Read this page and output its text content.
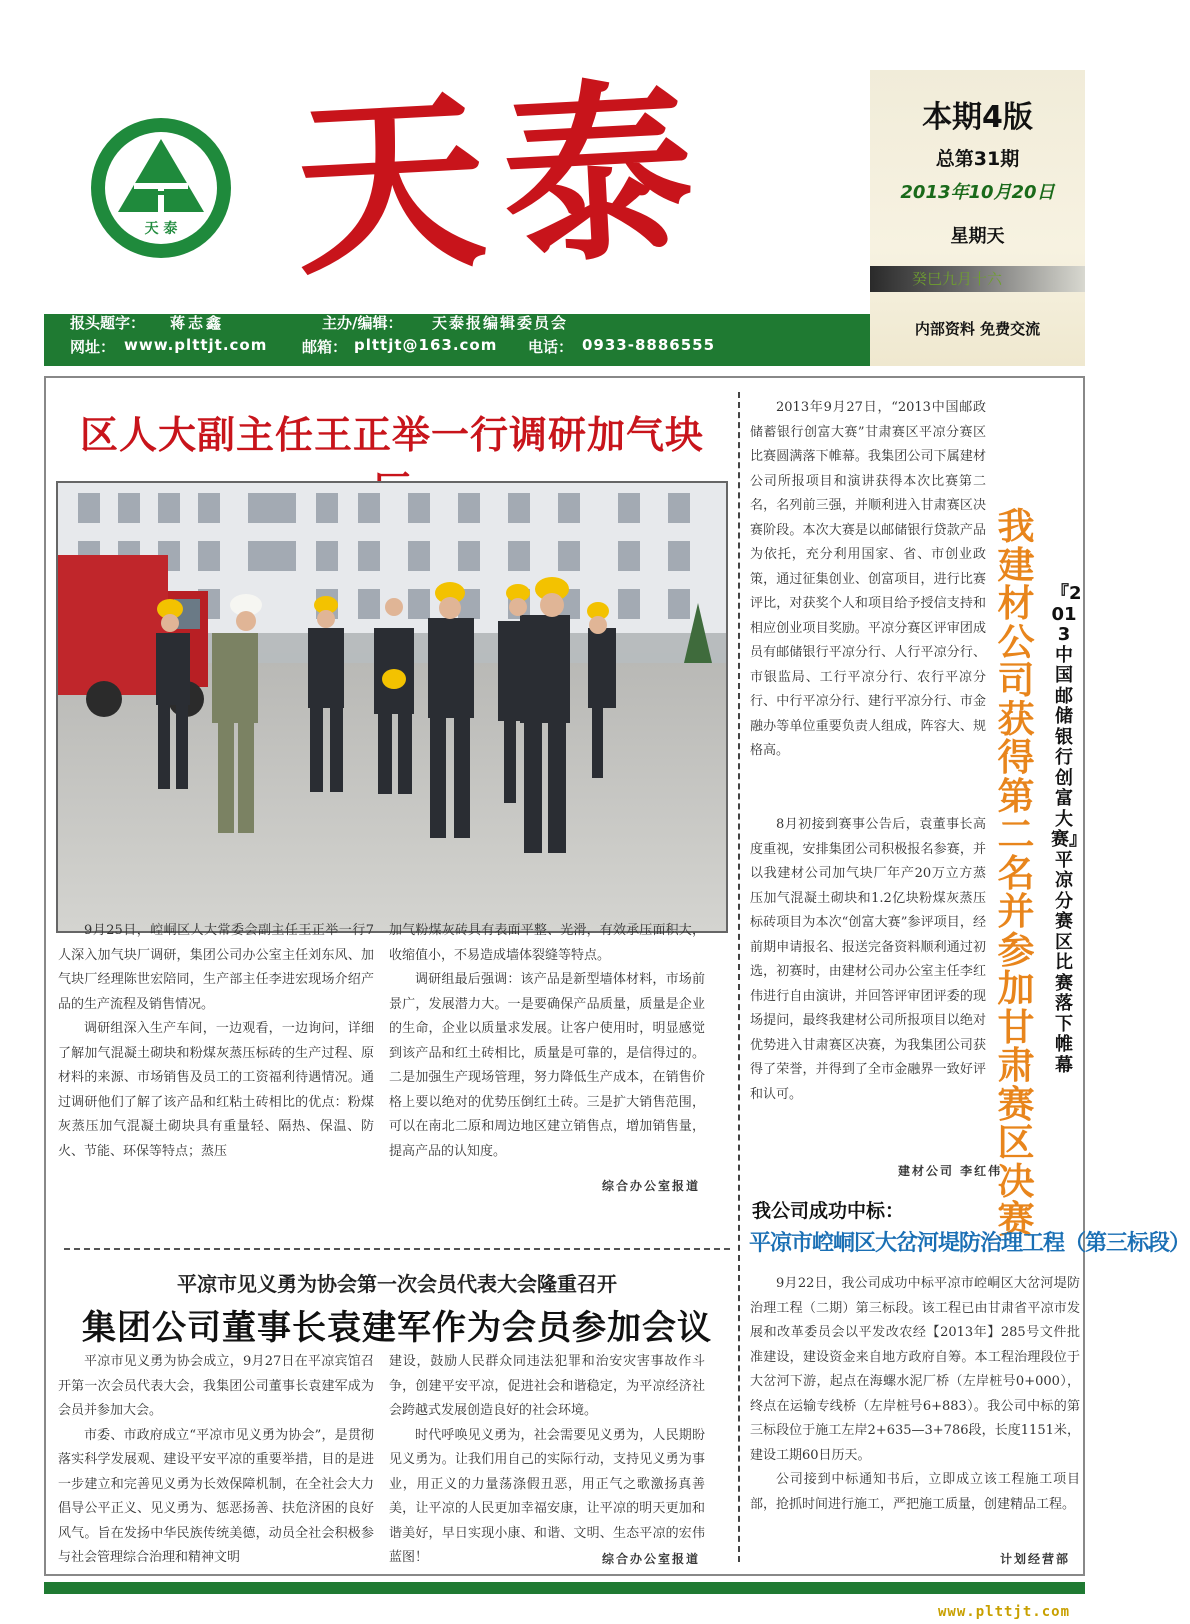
天 泰 天泰	本期4版
总第31期
2013年10月20日
星期天
癸巳九月十六
内部资料 免费交流
报头题字： 蒋志鑫	主办/编辑： 天泰报编辑委员会
网址： www.plttjt.com 邮箱： plttjt@163.com 电话： 0933-8886555
区人大副主任王正举一行调研加气块

9月25日，崆峒区人大常委会副主任王正举一行7人深入加气块厂调研，集团公司办公室主任刘东风、加气块厂经理陈世宏陪同，生产部主任李进宏现场介绍产品的生产流程及销售情况。

调研组深入生产车间，一边观看，一边询问，详细了解加气混凝土砌块和粉煤灰蒸压标砖的生产过程、原材料的来源、市场销售及员工的工资福利待遇情况。通过调研他们了解了该产品和红粘土砖相比的优点：粉煤灰蒸压加气混凝土砌块具有重量轻、隔热、保温、防火、节能、环保等特点；蒸压

加气粉煤灰砖具有表面平整、光滑，有效承压面积大，收缩值小，不易造成墙体裂缝等特点。

调研组最后强调：该产品是新型墙体材料，市场前景广，发展潜力大。一是要确保产品质量，质量是企业的生命，企业以质量求发展。让客户使用时，明显感觉到该产品和红土砖相比，质量是可靠的，是信得过的。二是加强生产现场管理，努力降低生产成本，在销售价格上要以绝对的优势压倒红土砖。三是扩大销售范围，可以在南北二原和周边地区建立销售点，增加销售量，提高产品的认知度。

综合办公室报道
平凉市见义勇为协会第一次会员代表大会隆重召开
集团公司董事长袁建军作为会员参加会议

平凉市见义勇为协会成立，9月27日在平凉宾馆召开第一次会员代表大会，我集团公司董事长袁建军成为会员并参加大会。

市委、市政府成立“平凉市见义勇为协会”，是贯彻落实科学发展观、建设平安平凉的重要举措，目的是进一步建立和完善见义勇为长效保障机制，在全社会大力倡导公平正义、见义勇为、惩恶扬善、扶危济困的良好风气。旨在发扬中华民族传统美德，动员全社会积极参与社会管理综合治理和精神文明

建设，鼓励人民群众同违法犯罪和治安灾害事故作斗争，创建平安平凉，促进社会和谐稳定，为平凉经济社会跨越式发展创造良好的社会环境。

时代呼唤见义勇为，社会需要见义勇为，人民期盼见义勇为。让我们用自己的实际行动，支持见义勇为事业，用正义的力量荡涤假丑恶，用正气之歌激扬真善美，让平凉的人民更加幸福安康，让平凉的明天更加和谐美好，早日实现小康、和谐、文明、生态平凉的宏伟蓝图！	综合办公室报道

2013年9月27日，“2013中国邮政储蓄银行创富大赛”甘肃赛区平凉分赛区比赛圆满落下帷幕。我集团公司下属建材公司所报项目和演讲获得本次比赛第二名，名列前三强，并顺利进入甘肃赛区决赛阶段。本次大赛是以邮储银行贷款产品为依托，充分利用国家、省、市创业政策，通过征集创业、创富项目，进行比赛评比，对获奖个人和项目给予授信支持和相应创业项目奖励。平凉分赛区评审团成员有邮储银行平凉分行、人行平凉分行、市银监局、工行平凉分行、农行平凉分行、中行平凉分行、建行平凉分行、市金融办等单位重要负责人组成，阵容大、规格高。

8月初接到赛事公告后，袁董事长高度重视，安排集团公司积极报名参赛，并以我建材公司加气块厂年产20万立方蒸压加气混凝土砌块和1.2亿块粉煤灰蒸压标砖项目为本次“创富大赛”参评项目，经前期申请报名、报送完备资料顺利通过初选，初赛时，由建材公司办公室主任李红伟进行自由演讲，并回答评审团评委的现场提问，最终我建材公司所报项目以绝对优势进入甘肃赛区决赛，为我集团公司获得了荣誉，并得到了全市金融界一致好评和认可。

我建材公司获得第二名并参加甘肃赛区决赛
『2013中国邮储银行创富大赛』平凉分赛区比赛落下帷幕
建材公司 李红伟
我公司成功中标：
平凉市崆峒区大岔河堤防治理工程（第三标段）

9月22日，我公司成功中标平凉市崆峒区大岔河堤防治理工程（二期）第三标段。该工程已由甘肃省平凉市发展和改革委员会以平发改农经【2013年】285号文件批准建设，建设资金来自地方政府自筹。本工程治理段位于大岔河下游，起点在海螺水泥厂桥（左岸桩号0+000），终点在运输专线桥（左岸桩号6+883）。我公司中标的第三标段位于施工左岸2+635—3+786段，长度1151米，建设工期60日历天。

公司接到中标通知书后，立即成立该工程施工项目部，抢抓时间进行施工，严把施工质量，创建精品工程。

计划经营部
www.plttjt.com
